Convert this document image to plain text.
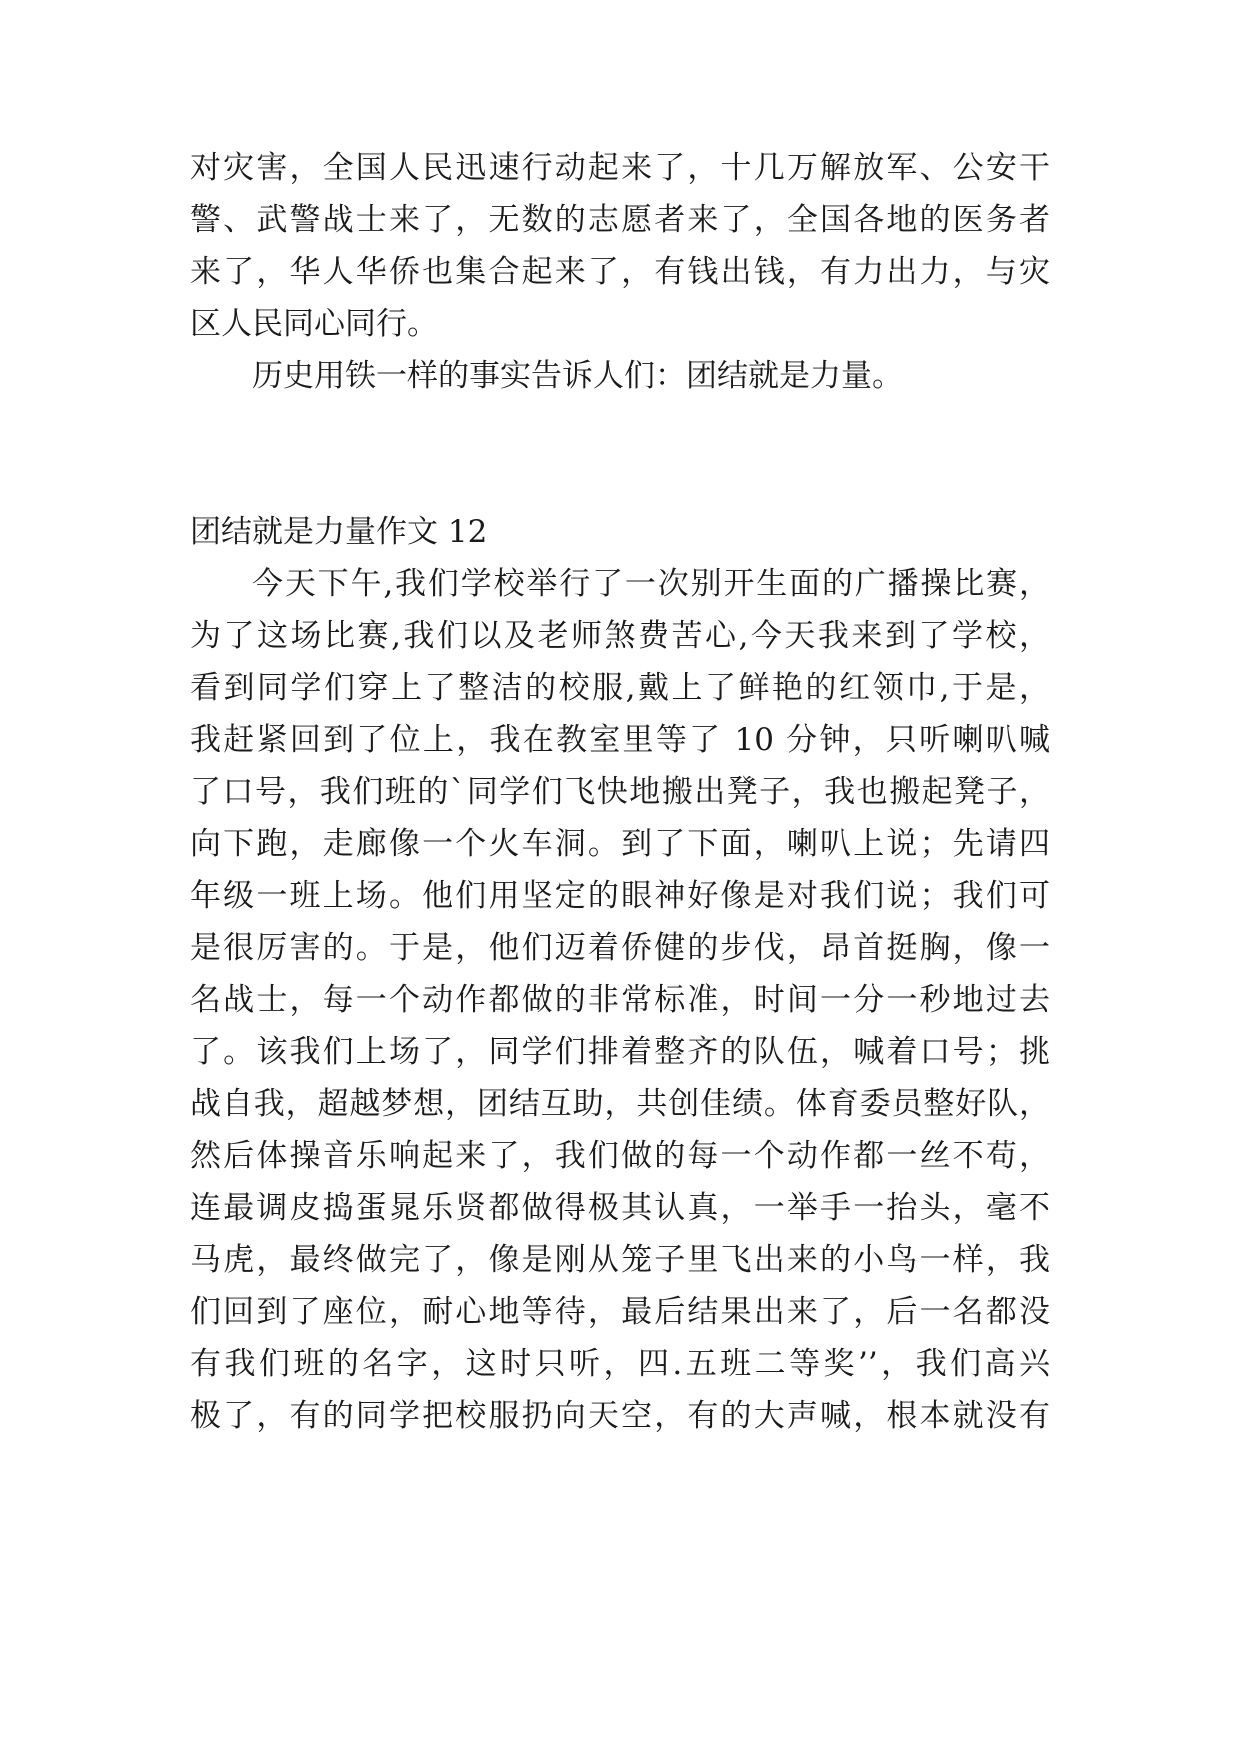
对灾害，全国人民迅速行动起来了，十几万解放军、公安干
警、武警战士来了，无数的志愿者来了，全国各地的医务者
来了，华人华侨也集合起来了，有钱出钱，有力出力，与灾
区人民同心同行。
历史用铁一样的事实告诉人们：团结就是力量。
团结就是力量作文 12
今天下午,我们学校举行了一次别开生面的广播操比赛，
为了这场比赛,我们以及老师煞费苦心,今天我来到了学校，
看到同学们穿上了整洁的校服,戴上了鲜艳的红领巾,于是，
我赶紧回到了位上，我在教室里等了 10 分钟，只听喇叭喊
了口号，我们班的`同学们飞快地搬出凳子，我也搬起凳子，
向下跑，走廊像一个火车洞。到了下面，喇叭上说；先请四
年级一班上场。他们用坚定的眼神好像是对我们说；我们可
是很厉害的。于是，他们迈着侨健的步伐，昂首挺胸，像一
名战士，每一个动作都做的非常标准，时间一分一秒地过去
了。该我们上场了，同学们排着整齐的队伍，喊着口号；挑
战自我，超越梦想，团结互助，共创佳绩。体育委员整好队，
然后体操音乐响起来了，我们做的每一个动作都一丝不苟，
连最调皮捣蛋晁乐贤都做得极其认真，一举手一抬头，毫不
马虎，最终做完了，像是刚从笼子里飞出来的小鸟一样，我
们回到了座位，耐心地等待，最后结果出来了，后一名都没
有我们班的名字，这时只听，四.五班二等奖’’，我们高兴
极了，有的同学把校服扔向天空，有的大声喊，根本就没有
